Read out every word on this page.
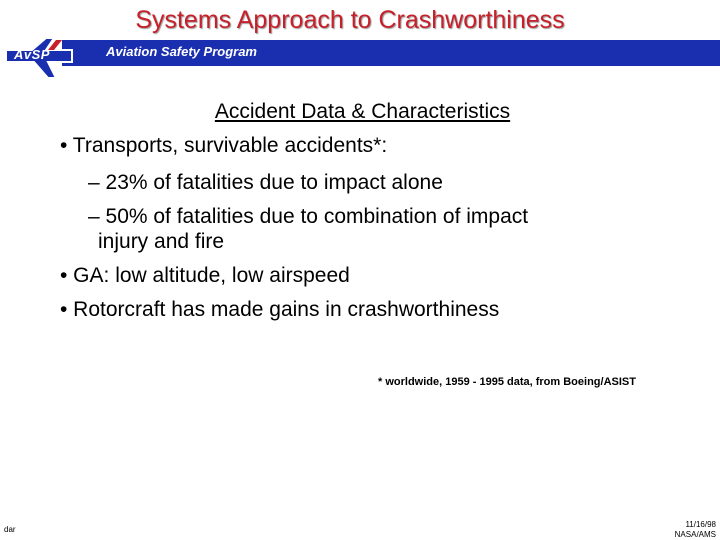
Systems Approach to Crashworthiness
Aviation Safety Program
AvSP
Accident Data & Characteristics
• Transports, survivable accidents*:
– 23% of fatalities due to impact alone
– 50% of fatalities due to combination of impact
injury and fire
• GA: low altitude, low airspeed
• Rotorcraft has made gains in crashworthiness
* worldwide, 1959 - 1995 data, from Boeing/ASIST
dar
11/16/98
NASA/AMS
